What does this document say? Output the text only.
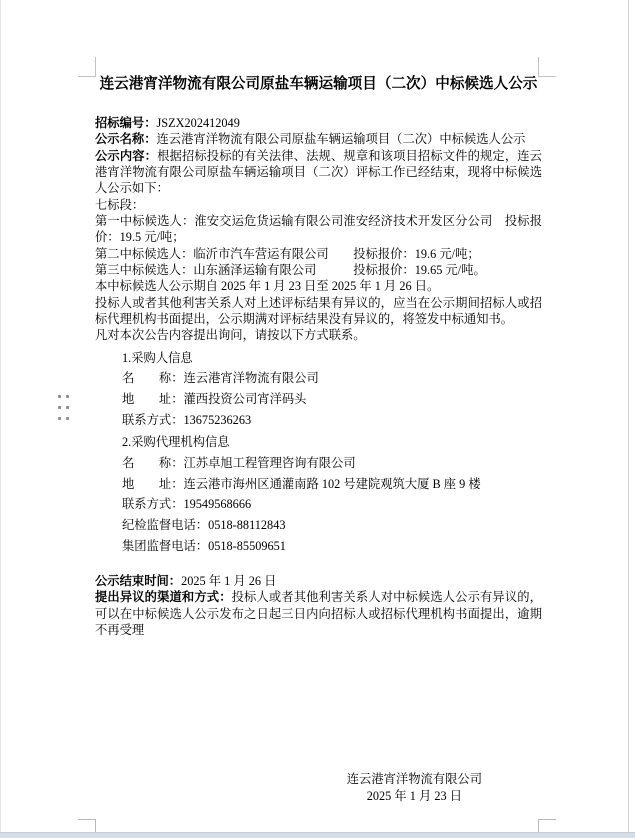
连云港宵洋物流有限公司原盐车辆运输项目（二次）中标候选人公示

招标编号：JSZX202412049

公示名称：连云港宵洋物流有限公司原盐车辆运输项目（二次）中标候选人公示

公示内容：根据招标投标的有关法律、法规、规章和该项目招标文件的规定，连云港宵洋物流有限公司原盐车辆运输项目（二次）评标工作已经结束，现将中标候选人公示如下：

七标段：

第一中标候选人：淮安交运危货运输有限公司淮安经济技术开发区分公司　投标报价：19.5 元/吨；

第二中标候选人：临沂市汽车营运有限公司　　投标报价：19.6 元/吨；

第三中标候选人：山东涵泽运输有限公司　　　投标报价：19.65 元/吨。

本中标候选人公示期自 2025 年 1 月 23 日至 2025 年 1 月 26 日。

投标人或者其他利害关系人对上述评标结果有异议的，应当在公示期间招标人或招标代理机构书面提出，公示期满对评标结果没有异议的，将签发中标通知书。

凡对本次公告内容提出询问，请按以下方式联系。

1.采购人信息

名　　称：连云港宵洋物流有限公司

地　　址：灌西投资公司宵洋码头

联系方式：13675236263

2.采购代理机构信息

名　　称：江苏卓旭工程管理咨询有限公司

地　　址：连云港市海州区通灌南路 102 号建院观筑大厦 B 座 9 楼

联系方式：19549568666

纪检监督电话：0518-88112843

集团监督电话：0518-85509651

公示结束时间：2025 年 1 月 26 日

提出异议的渠道和方式：投标人或者其他利害关系人对中标候选人公示有异议的，可以在中标候选人公示发布之日起三日内向招标人或招标代理机构书面提出，逾期不再受理

连云港宵洋物流有限公司
2025 年 1 月 23 日
